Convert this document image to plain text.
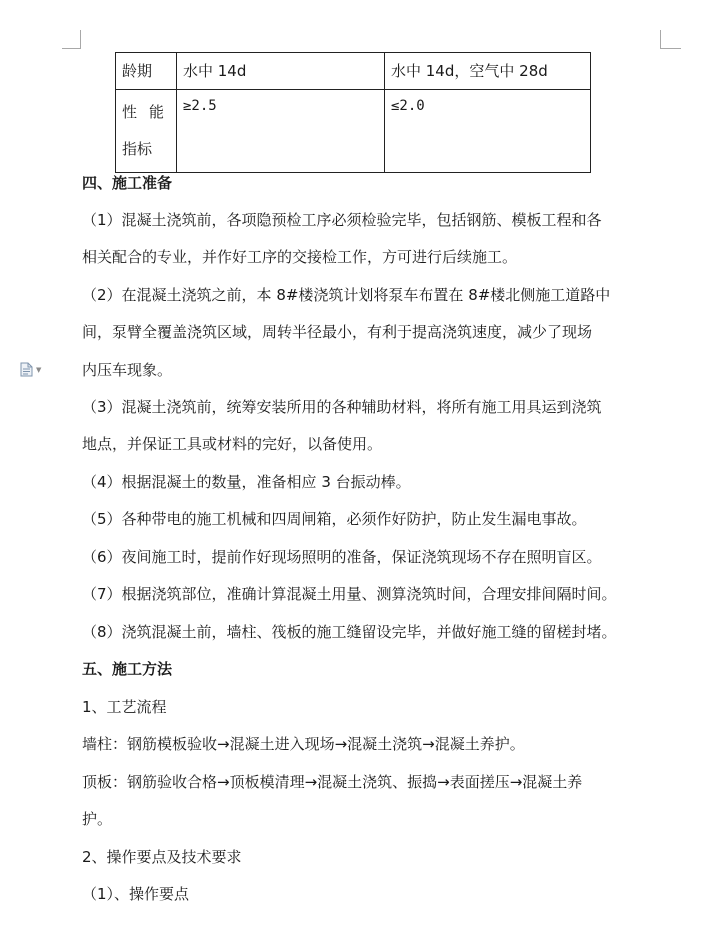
▼
龄期	水中 14d	水中 14d，空气中 28d
性 能
指标	≥2.5	≤2.0
四、施工准备
（1）混凝土浇筑前，各项隐预检工序必须检验完毕，包括钢筋、模板工程和各
相关配合的专业，并作好工序的交接检工作，方可进行后续施工。
（2）在混凝土浇筑之前，本 8#楼浇筑计划将泵车布置在 8#楼北侧施工道路中
间，泵臂全覆盖浇筑区域，周转半径最小，有利于提高浇筑速度，减少了现场
内压车现象。
（3）混凝土浇筑前，统筹安装所用的各种辅助材料，将所有施工用具运到浇筑
地点，并保证工具或材料的完好，以备使用。
（4）根据混凝土的数量，准备相应 3 台振动棒。
（5）各种带电的施工机械和四周闸箱，必须作好防护，防止发生漏电事故。
（6）夜间施工时，提前作好现场照明的准备，保证浇筑现场不存在照明盲区。
（7）根据浇筑部位，准确计算混凝土用量、测算浇筑时间，合理安排间隔时间。
（8）浇筑混凝土前，墙柱、筏板的施工缝留设完毕，并做好施工缝的留槎封堵。
五、施工方法
1、工艺流程
墙柱：钢筋模板验收→混凝土进入现场→混凝土浇筑→混凝土养护。
顶板：钢筋验收合格→顶板模清理→混凝土浇筑、振捣→表面搓压→混凝土养
护。
2、操作要点及技术要求
（1）、操作要点
